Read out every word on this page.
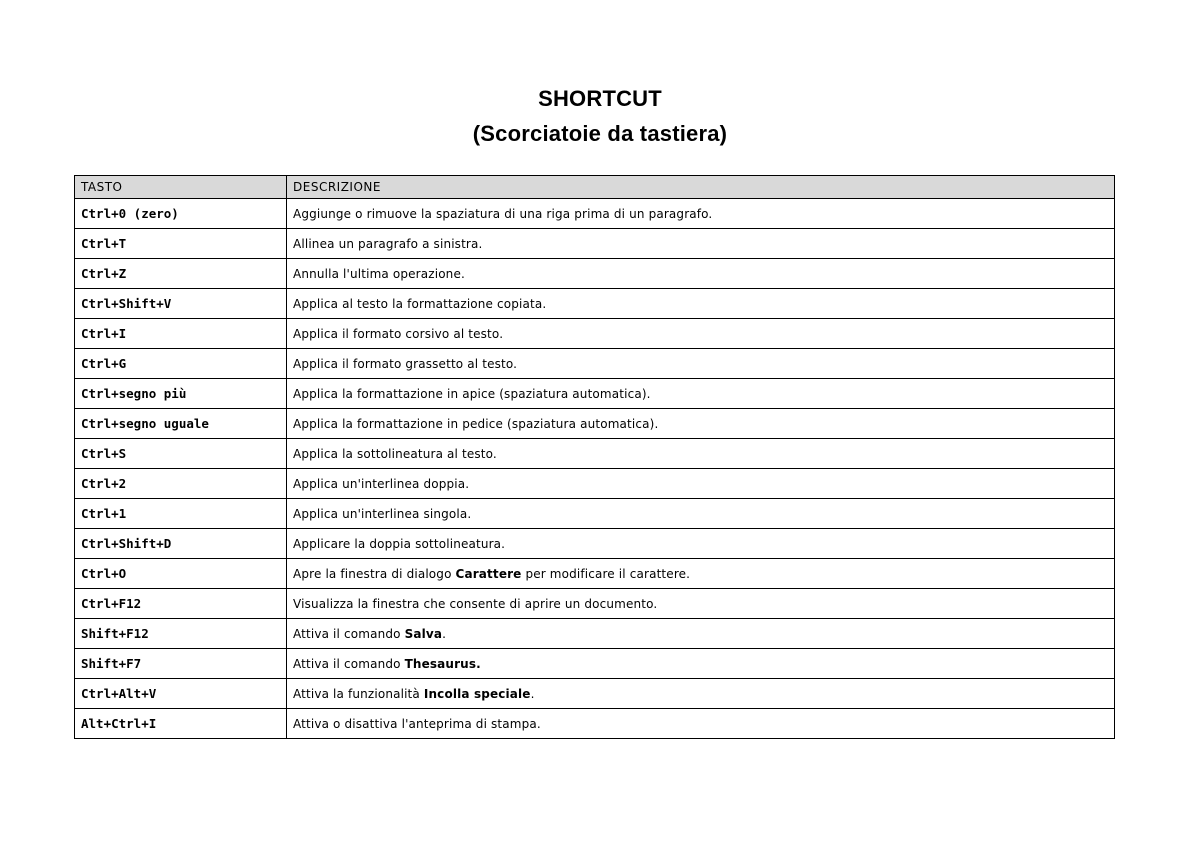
SHORTCUT
(Scorciatoie da tastiera)
TASTO	DESCRIZIONE
Ctrl+0 (zero)	Aggiunge o rimuove la spaziatura di una riga prima di un paragrafo.
Ctrl+T	Allinea un paragrafo a sinistra.
Ctrl+Z	Annulla l'ultima operazione.
Ctrl+Shift+V	Applica al testo la formattazione copiata.
Ctrl+I	Applica il formato corsivo al testo.
Ctrl+G	Applica il formato grassetto al testo.
Ctrl+segno più	Applica la formattazione in apice (spaziatura automatica).
Ctrl+segno uguale	Applica la formattazione in pedice (spaziatura automatica).
Ctrl+S	Applica la sottolineatura al testo.
Ctrl+2	Applica un'interlinea doppia.
Ctrl+1	Applica un'interlinea singola.
Ctrl+Shift+D	Applicare la doppia sottolineatura.
Ctrl+O	Apre la finestra di dialogo Carattere per modificare il carattere.
Ctrl+F12	Visualizza la finestra che consente di aprire un documento.
Shift+F12	Attiva il comando Salva.
Shift+F7	Attiva il comando Thesaurus.
Ctrl+Alt+V	Attiva la funzionalità Incolla speciale.
Alt+Ctrl+I	Attiva o disattiva l'anteprima di stampa.
